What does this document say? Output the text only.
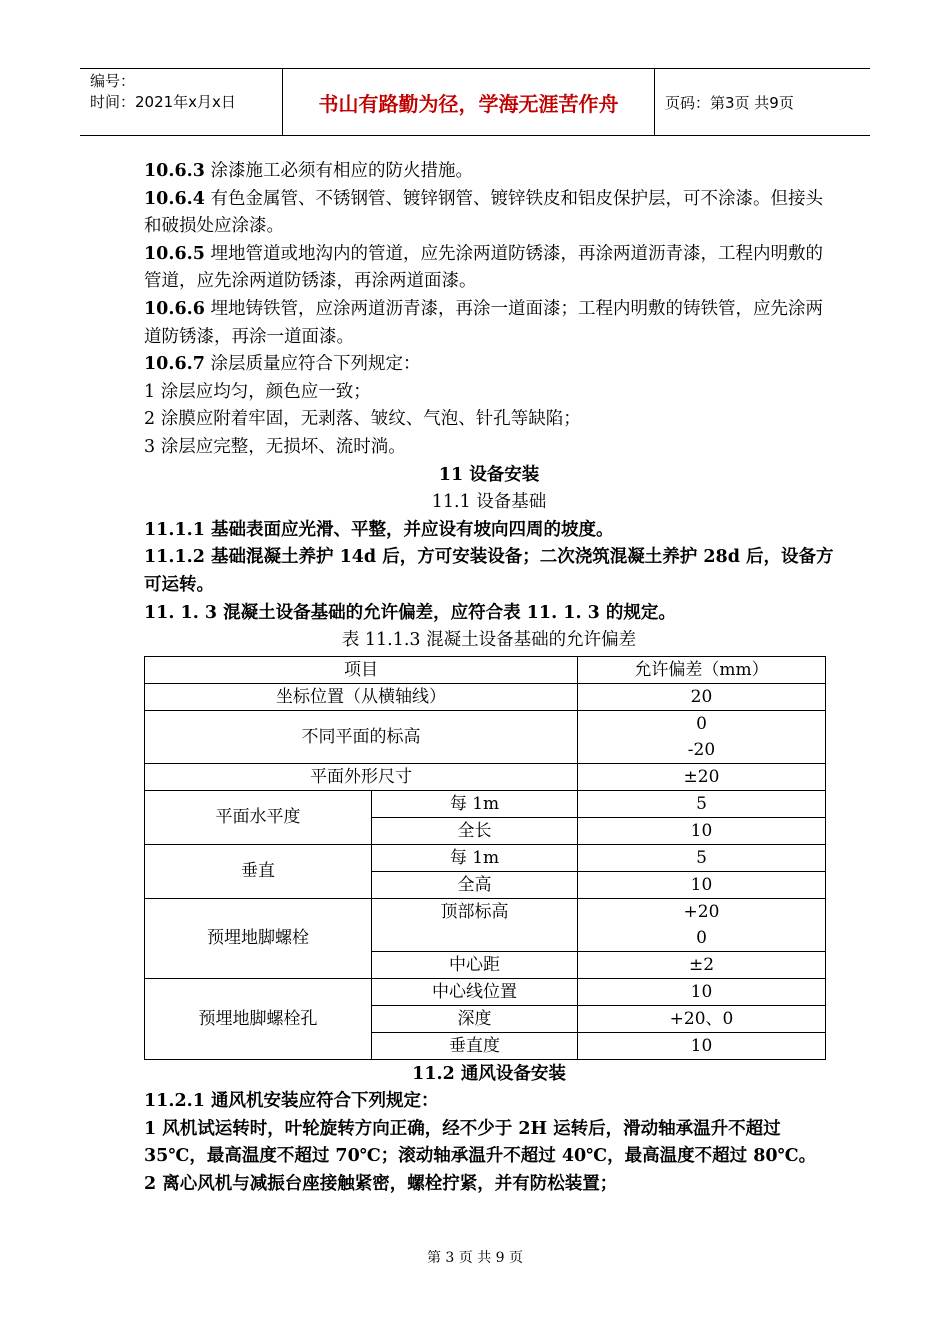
编号：
时间：2021年x月x日	书山有路勤为径，学海无涯苦作舟	页码：第3页 共9页

10.6.3 涂漆施工必须有相应的防火措施。

10.6.4 有色金属管、不锈钢管、镀锌钢管、镀锌铁皮和铝皮保护层，可不涂漆。但接头和破损处应涂漆。

10.6.5 埋地管道或地沟内的管道，应先涂两道防锈漆，再涂两道沥青漆，工程内明敷的管道，应先涂两道防锈漆，再涂两道面漆。

10.6.6 埋地铸铁管，应涂两道沥青漆，再涂一道面漆；工程内明敷的铸铁管，应先涂两道防锈漆，再涂一道面漆。

10.6.7 涂层质量应符合下列规定：

1 涂层应均匀，颜色应一致；

2 涂膜应附着牢固，无剥落、皱纹、气泡、针孔等缺陷；

3 涂层应完整，无损坏、流时淌。

11 设备安装

11.1 设备基础

11.1.1 基础表面应光滑、平整，并应设有坡向四周的坡度。

11.1.2 基础混凝土养护 14d 后，方可安装设备；二次浇筑混凝土养护 28d 后，设备方可运转。

11. 1. 3 混凝土设备基础的允许偏差，应符合表 11. 1. 3 的规定。

表 11.1.3 混凝土设备基础的允许偏差

项目		允许偏差（mm）
坐标位置（从横轴线）		20
不同平面的标高		0
		-20
平面外形尺寸		±20
平面水平度	每 1m	5
	全长	10
垂直	每 1m	5
	全高	10
预埋地脚螺栓	顶部标高	+20
		0
	中心距	±2
预埋地脚螺栓孔	中心线位置	10
	深度	+20、0
	垂直度	10

11.2 通风设备安装

11.2.1 通风机安装应符合下列规定：

1 风机试运转时，叶轮旋转方向正确，经不少于 2H 运转后，滑动轴承温升不超过 35℃，最高温度不超过 70℃；滚动轴承温升不超过 40℃，最高温度不超过 80℃。

2 离心风机与减振台座接触紧密，螺栓拧紧，并有防松装置；

第 3 页 共 9 页
